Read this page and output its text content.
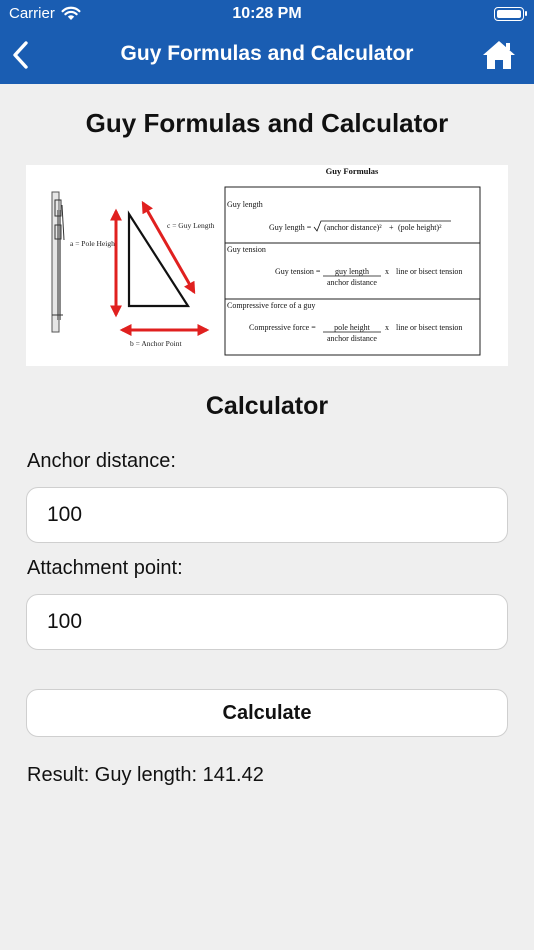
Carrier	10:28 PM
Guy Formulas and Calculator
Guy Formulas and Calculator
a = Pole Height
c = Guy Length
b = Anchor Point
Guy Formulas
Guy length
Guy length = (anchor distance)² + (pole height)²
Guy tension
Guy tension = guy length
anchor distance
x line or bisect tension
Compressive force of a guy
Compressive force = pole height
anchor distance
x line or bisect tension
Calculator
Anchor distance:
100
Attachment point:
100
Calculate
Result: Guy length: 141.42
